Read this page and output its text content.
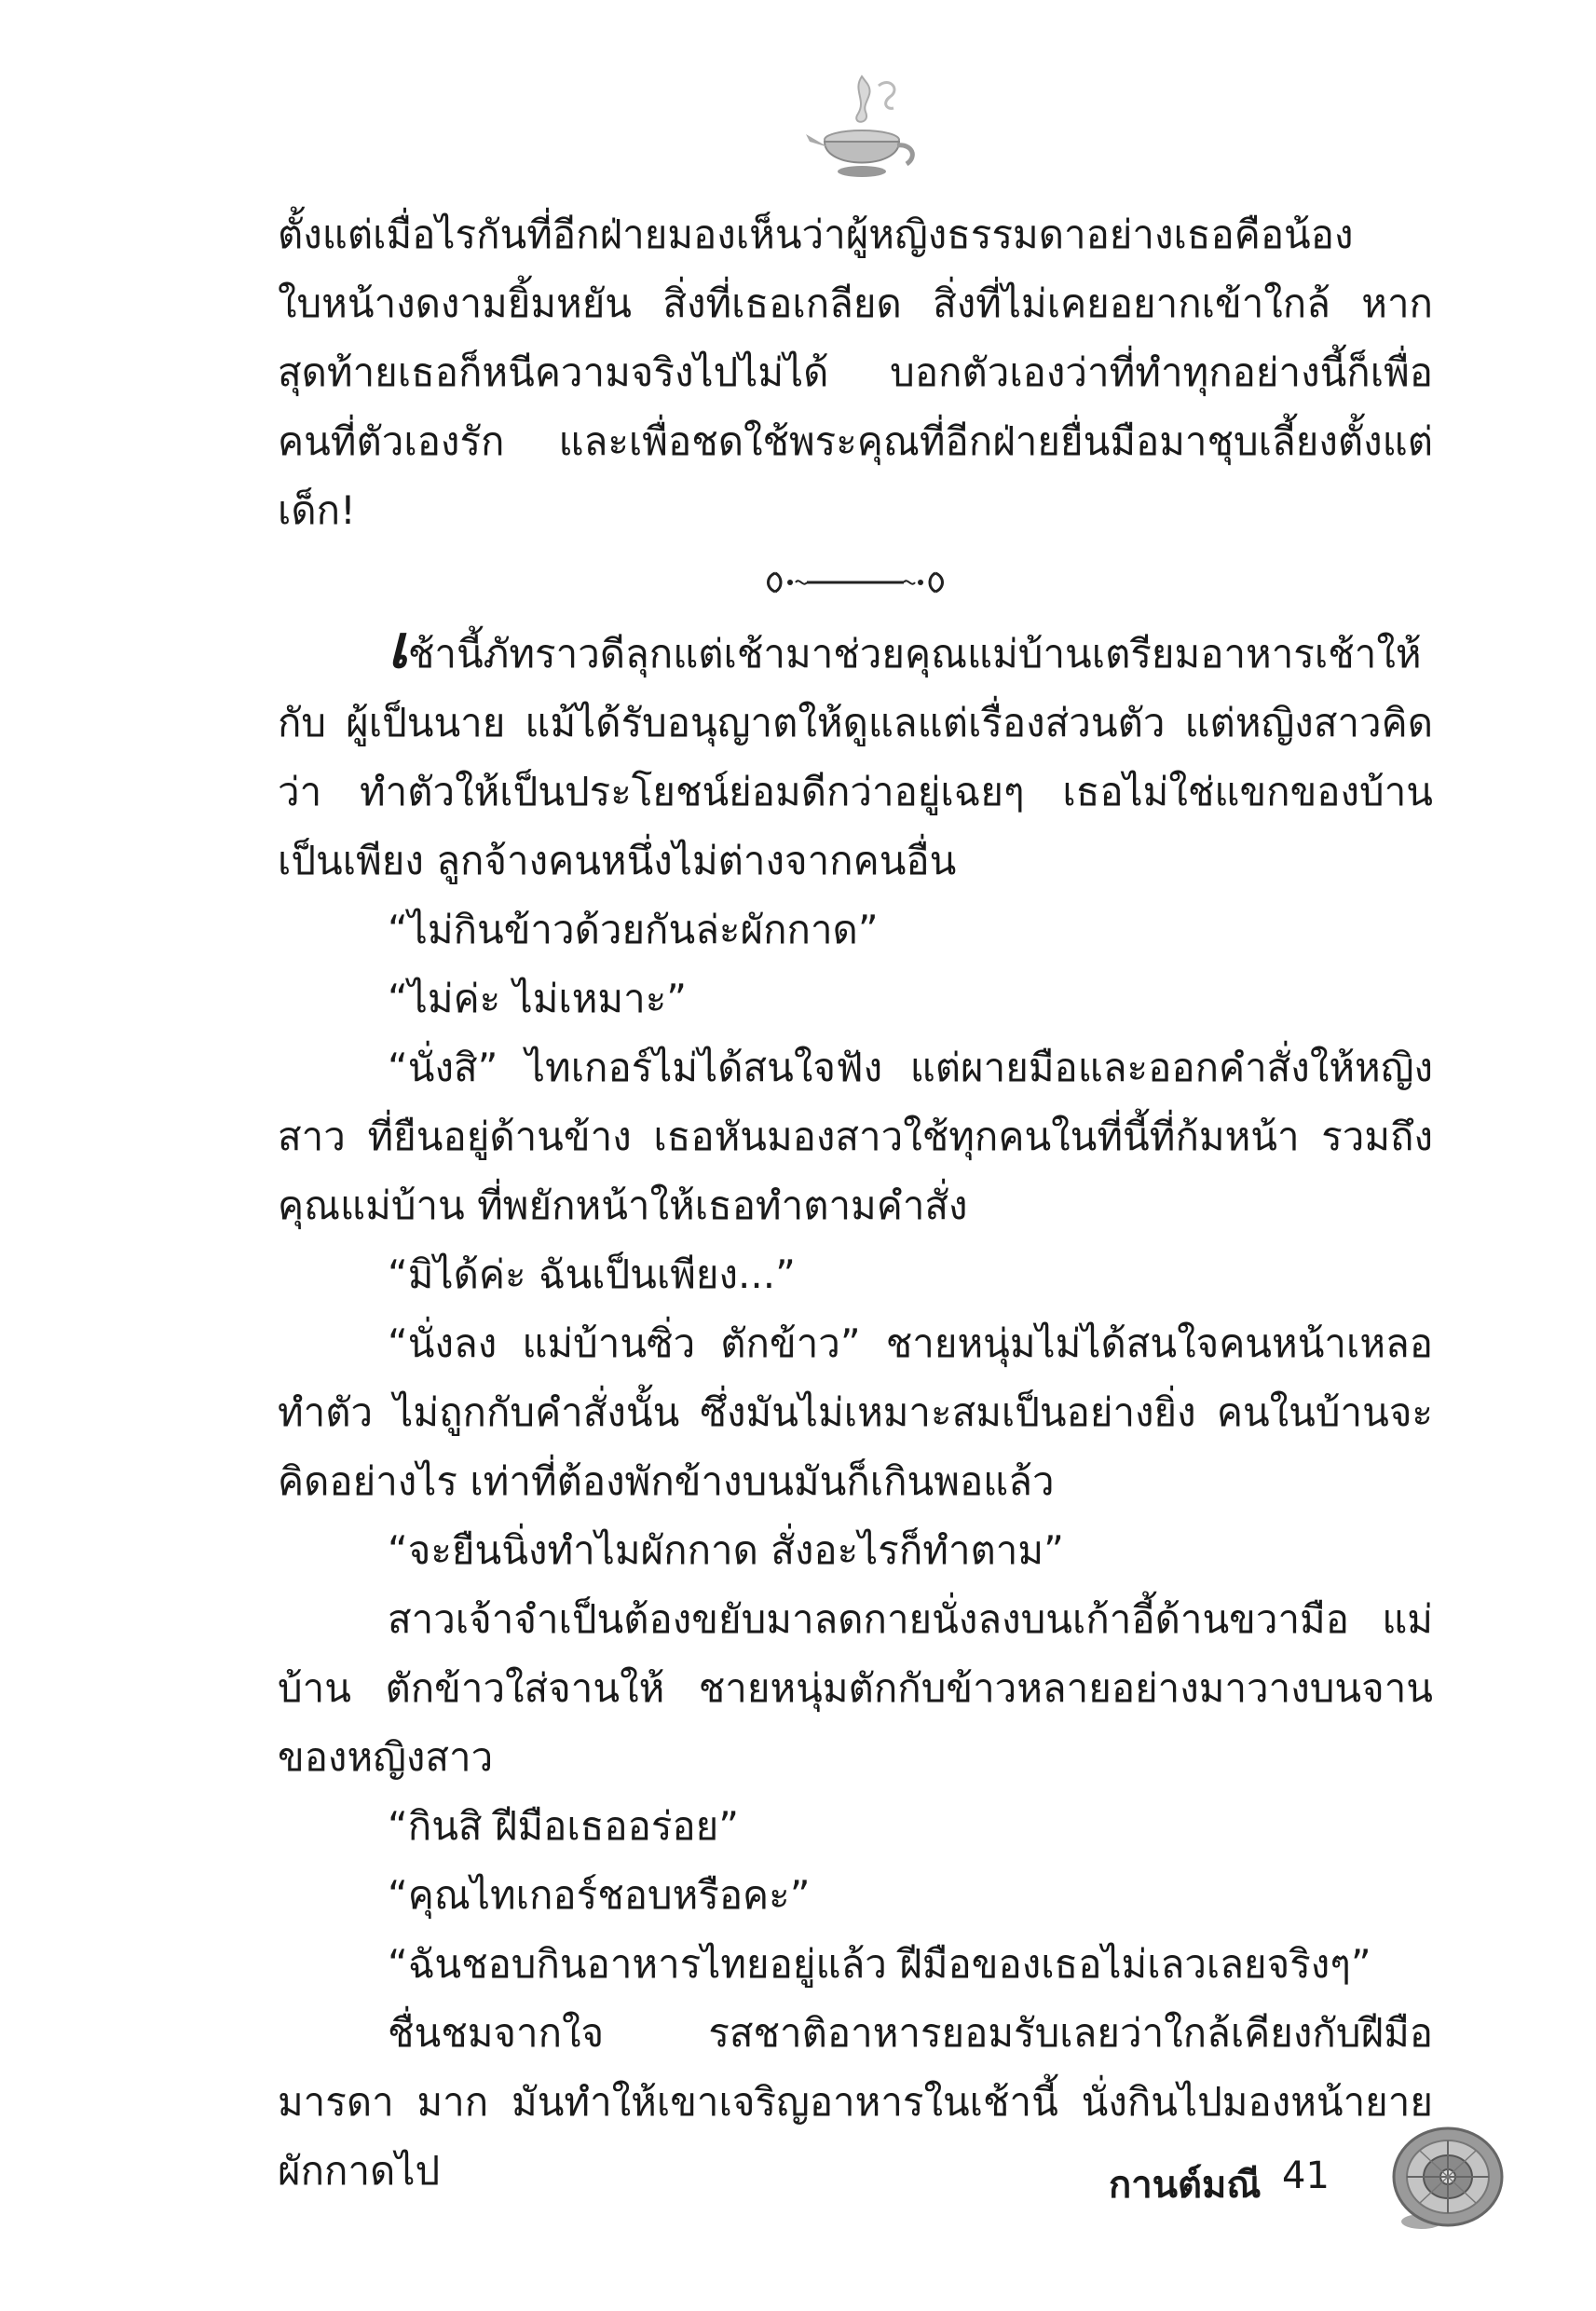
ตั้งแต่เมื่อไรกันที่อีกฝ่ายมองเห็นว่าผู้หญิงธรรมดาอย่างเธอคือน้อง ใบหน้างดงามยิ้มหยัน สิ่งที่เธอเกลียด สิ่งที่ไม่เคยอยากเข้าใกล้ หาก สุดท้ายเธอก็หนีความจริงไปไม่ได้ บอกตัวเองว่าที่ทำทุกอย่างนี้ก็เพื่อ คนที่ตัวเองรัก และเพื่อชดใช้พระคุณที่อีกฝ่ายยื่นมือมาชุบเลี้ยงตั้งแต่เด็ก!

เช้านี้ภัทราวดีลุกแต่เช้ามาช่วยคุณแม่บ้านเตรียมอาหารเช้าให้กับ ผู้เป็นนาย แม้ได้รับอนุญาตให้ดูแลแต่เรื่องส่วนตัว แต่หญิงสาวคิดว่า ทำตัวให้เป็นประโยชน์ย่อมดีกว่าอยู่เฉยๆ เธอไม่ใช่แขกของบ้าน เป็นเพียง ลูกจ้างคนหนึ่งไม่ต่างจากคนอื่น

“ไม่กินข้าวด้วยกันล่ะผักกาด”

“ไม่ค่ะ ไม่เหมาะ”

“นั่งสิ” ไทเกอร์ไม่ได้สนใจฟัง แต่ผายมือและออกคำสั่งให้หญิงสาว ที่ยืนอยู่ด้านข้าง เธอหันมองสาวใช้ทุกคนในที่นี้ที่ก้มหน้า รวมถึงคุณแม่บ้าน ที่พยักหน้าให้เธอทำตามคำสั่ง

“มิได้ค่ะ ฉันเป็นเพียง...”

“นั่งลง แม่บ้านซิ่ว ตักข้าว” ชายหนุ่มไม่ได้สนใจคนหน้าเหลอทำตัว ไม่ถูกกับคำสั่งนั้น ซึ่งมันไม่เหมาะสมเป็นอย่างยิ่ง คนในบ้านจะคิดอย่างไร เท่าที่ต้องพักข้างบนมันก็เกินพอแล้ว

“จะยืนนิ่งทำไมผักกาด สั่งอะไรก็ทำตาม”

สาวเจ้าจำเป็นต้องขยับมาลดกายนั่งลงบนเก้าอี้ด้านขวามือ แม่บ้าน ตักข้าวใส่จานให้ ชายหนุ่มตักกับข้าวหลายอย่างมาวางบนจานของหญิงสาว

“กินสิ ฝีมือเธออร่อย”

“คุณไทเกอร์ชอบหรือคะ”

“ฉันชอบกินอาหารไทยอยู่แล้ว ฝีมือของเธอไม่เลวเลยจริงๆ”

ชื่นชมจากใจ รสชาติอาหารยอมรับเลยว่าใกล้เคียงกับฝีมือมารดา มาก มันทำให้เขาเจริญอาหารในเช้านี้ นั่งกินไปมองหน้ายายผักกาดไป	กานต์มณี 41
